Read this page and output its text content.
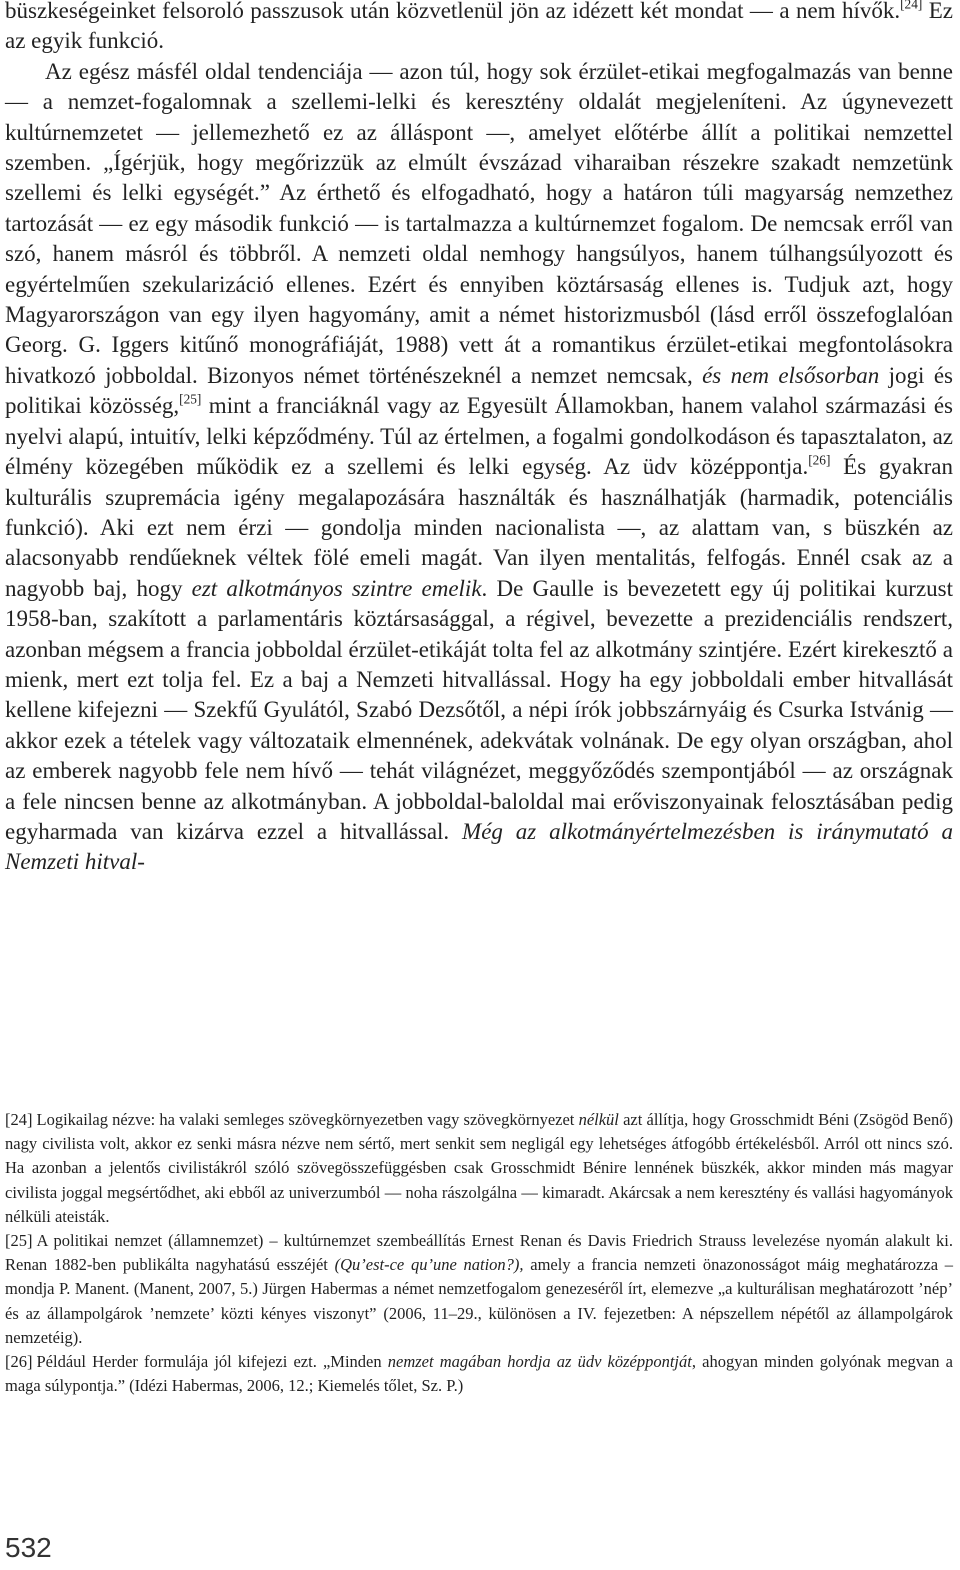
büszkeségeinket felsoroló passzusok után közvetlenül jön az idézett két mondat — a nem hívők.[24] Ez az egyik funkció.

Az egész másfél oldal tendenciája — azon túl, hogy sok érzület-etikai megfogalmazás van benne — a nemzet-fogalomnak a szellemi-lelki és keresztény oldalát megjeleníteni. Az úgynevezett kultúrnemzetet — jellemezhető ez az álláspont —, amelyet előtérbe állít a politikai nemzettel szemben. „Ígérjük, hogy megőrizzük az elmúlt évszázad viharaiban részekre szakadt nemzetünk szellemi és lelki egységét.” Az érthető és elfogadható, hogy a határon túli magyarság nemzethez tartozását — ez egy második funkció — is tartalmazza a kultúrnemzet fogalom. De nemcsak erről van szó, hanem másról és többről. A nemzeti oldal nemhogy hangsúlyos, hanem túlhangsúlyozott és egyértelműen szekularizáció ellenes. Ezért és ennyiben köztársaság ellenes is. Tudjuk azt, hogy Magyarországon van egy ilyen hagyomány, amit a német historizmusból (lásd erről összefoglalóan Georg. G. Iggers kitűnő monográfiáját, 1988) vett át a romantikus érzület-etikai megfontolásokra hivatkozó jobboldal. Bizonyos német történészeknél a nemzet nemcsak, és nem elsősorban jogi és politikai közösség,[25] mint a franciáknál vagy az Egyesült Államokban, hanem valahol származási és nyelvi alapú, intuitív, lelki képződmény. Túl az értelmen, a fogalmi gondolkodáson és tapasztalaton, az élmény közegében működik ez a szellemi és lelki egység. Az üdv középpontja.[26] És gyakran kulturális szupremácia igény megalapozására használták és használhatják (harmadik, potenciális funkció). Aki ezt nem érzi — gondolja minden nacionalista —, az alattam van, s büszkén az alacsonyabb rendűeknek véltek fölé emeli magát. Van ilyen mentalitás, felfogás. Ennél csak az a nagyobb baj, hogy ezt alkotmányos szintre emelik. De Gaulle is bevezetett egy új politikai kurzust 1958-ban, szakított a parlamentáris köztársasággal, a régivel, bevezette a prezidenciális rendszert, azonban mégsem a francia jobboldal érzület-etikáját tolta fel az alkotmány szintjére. Ezért kirekesztő a mienk, mert ezt tolja fel. Ez a baj a Nemzeti hitvallással. Hogy ha egy jobboldali ember hitvallását kellene kifejezni — Szekfű Gyulától, Szabó Dezsőtől, a népi írók jobbszárnyáig és Csurka Istvánig — akkor ezek a tételek vagy változataik elmennének, adekvátak volnának. De egy olyan országban, ahol az emberek nagyobb fele nem hívő — tehát világnézet, meggyőződés szempontjából — az országnak a fele nincsen benne az alkotmányban. A jobboldal-baloldal mai erőviszonyainak felosztásában pedig egyharmada van kizárva ezzel a hitvallással. Még az alkotmányértelmezésben is iránymutató a Nemzeti hitval-

[24] Logikailag nézve: ha valaki semleges szövegkörnyezetben vagy szövegkörnyezet nélkül azt állítja, hogy Grosschmidt Béni (Zsögöd Benő) nagy civilista volt, akkor ez senki másra nézve nem sértő, mert senkit sem negligál egy lehetséges átfogóbb értékelésből. Arról ott nincs szó. Ha azonban a jelentős civilistákról szóló szövegösszefüggésben csak Grosschmidt Bénire lennének büszkék, akkor minden más magyar civilista joggal megsértődhet, aki ebből az univerzumból — noha rászolgálna — kimaradt. Akárcsak a nem keresztény és vallási hagyományok nélküli ateisták.

[25] A politikai nemzet (államnemzet) – kultúrnemzet szembeállítás Ernest Renan és Davis Friedrich Strauss levelezése nyomán alakult ki. Renan 1882-ben publikálta nagyhatású esszéjét (Qu’est-ce qu’une nation?), amely a francia nemzeti önazonosságot máig meghatározza – mondja P. Manent. (Manent, 2007, 5.) Jürgen Habermas a német nemzetfogalom genezeséről írt, elemezve „a kulturálisan meghatározott ’nép’ és az állampolgárok ’nemzete’ közti kényes viszonyt” (2006, 11–29., különösen a IV. fejezetben: A népszellem népétől az állampolgárok nemzetéig).

[26] Például Herder formulája jól kifejezi ezt. „Minden nemzet magában hordja az üdv középpontját, ahogyan minden golyónak megvan a maga súlypontja.” (Idézi Habermas, 2006, 12.; Kiemelés tőlet, Sz. P.)

532
